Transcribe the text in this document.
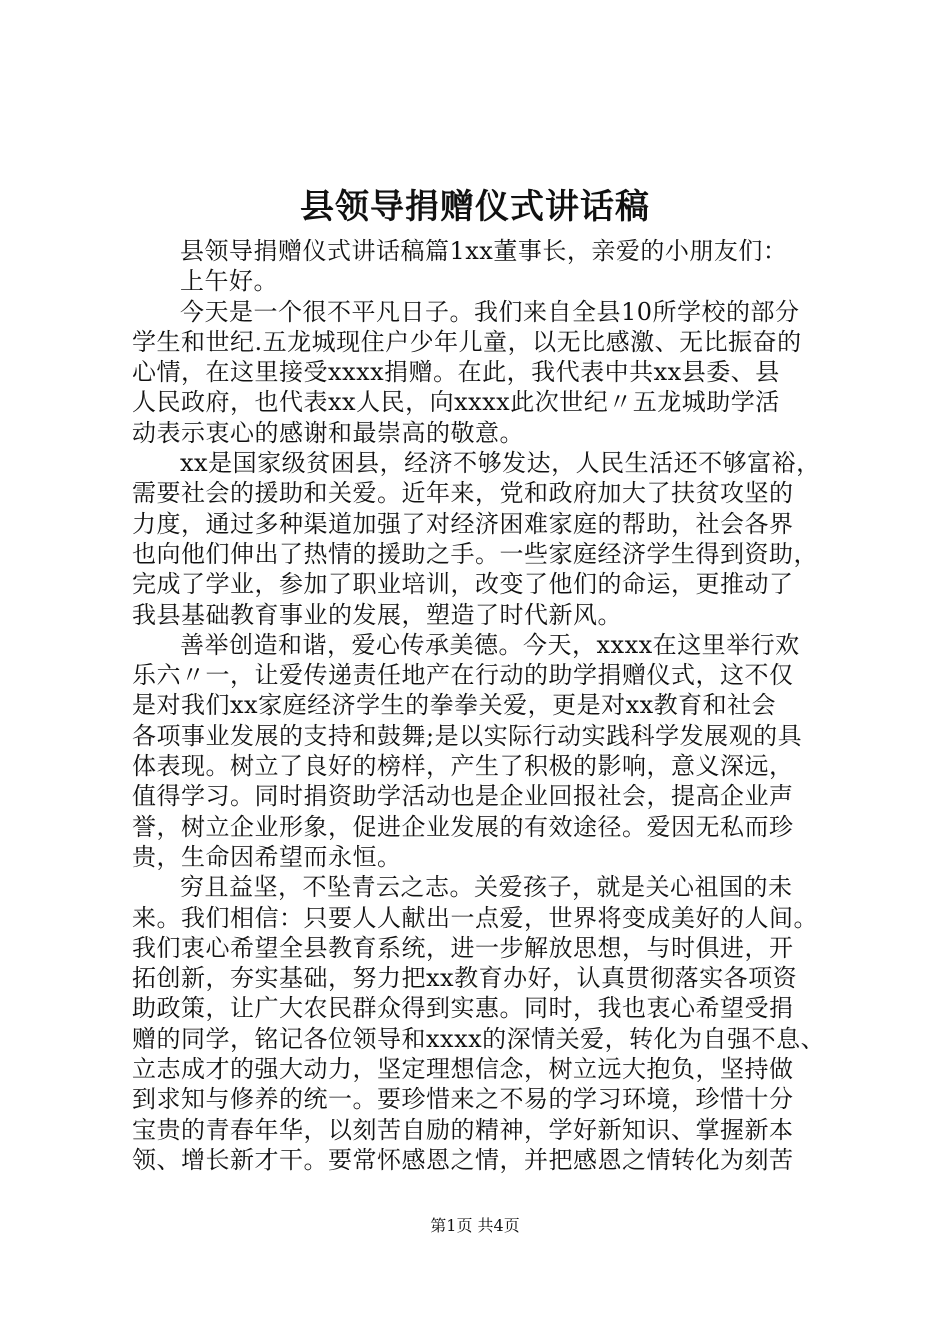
县领导捐赠仪式讲话稿
县领导捐赠仪式讲话稿篇1xx董事长，亲爱的小朋友们：
上午好。
今天是一个很不平凡日子。我们来自全县10所学校的部分
学生和世纪.五龙城现住户少年儿童，以无比感激、无比振奋的
心情，在这里接受xxxx捐赠。在此，我代表中共xx县委、县
人民政府，也代表xx人民，向xxxx此次世纪〃五龙城助学活
动表示衷心的感谢和最崇高的敬意。
xx是国家级贫困县，经济不够发达，人民生活还不够富裕，
需要社会的援助和关爱。近年来，党和政府加大了扶贫攻坚的
力度，通过多种渠道加强了对经济困难家庭的帮助，社会各界
也向他们伸出了热情的援助之手。一些家庭经济学生得到资助，
完成了学业，参加了职业培训，改变了他们的命运，更推动了
我县基础教育事业的发展，塑造了时代新风。
善举创造和谐，爱心传承美德。今天，xxxx在这里举行欢
乐六〃一，让爱传递责任地产在行动的助学捐赠仪式，这不仅
是对我们xx家庭经济学生的拳拳关爱，更是对xx教育和社会
各项事业发展的支持和鼓舞;是以实际行动实践科学发展观的具
体表现。树立了良好的榜样，产生了积极的影响，意义深远，
值得学习。同时捐资助学活动也是企业回报社会，提高企业声
誉，树立企业形象，促进企业发展的有效途径。爱因无私而珍
贵，生命因希望而永恒。
穷且益坚，不坠青云之志。关爱孩子，就是关心祖国的未
来。我们相信：只要人人献出一点爱，世界将变成美好的人间。
我们衷心希望全县教育系统，进一步解放思想，与时俱进，开
拓创新，夯实基础，努力把xx教育办好，认真贯彻落实各项资
助政策，让广大农民群众得到实惠。同时，我也衷心希望受捐
赠的同学，铭记各位领导和xxxx的深情关爱，转化为自强不息、
立志成才的强大动力，坚定理想信念，树立远大抱负，坚持做
到求知与修养的统一。要珍惜来之不易的学习环境，珍惜十分
宝贵的青春年华，以刻苦自励的精神，学好新知识、掌握新本
领、增长新才干。要常怀感恩之情，并把感恩之情转化为刻苦
第1页 共4页
